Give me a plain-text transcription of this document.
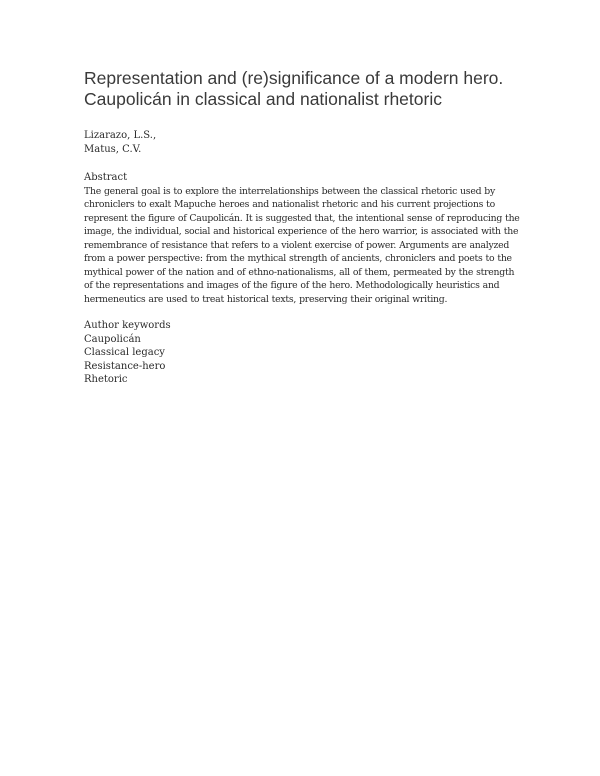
Representation and (re)significance of a modern hero.
Caupolicán in classical and nationalist rhetoric
Lizarazo, L.S.,
Matus, C.V.
Abstract

The general goal is to explore the interrelationships between the classical rhetoric used by chroniclers to exalt Mapuche heroes and nationalist rhetoric and his current projections to represent the figure of Caupolicán. It is suggested that, the intentional sense of reproducing the image, the individual, social and historical experience of the hero warrior, is associated with the remembrance of resistance that refers to a violent exercise of power. Arguments are analyzed from a power perspective: from the mythical strength of ancients, chroniclers and poets to the mythical power of the nation and of ethno-nationalisms, all of them, permeated by the strength of the representations and images of the figure of the hero. Methodologically heuristics and hermeneutics are used to treat historical texts, preserving their original writing.

Author keywords
Caupolicán
Classical legacy
Resistance-hero
Rhetoric
